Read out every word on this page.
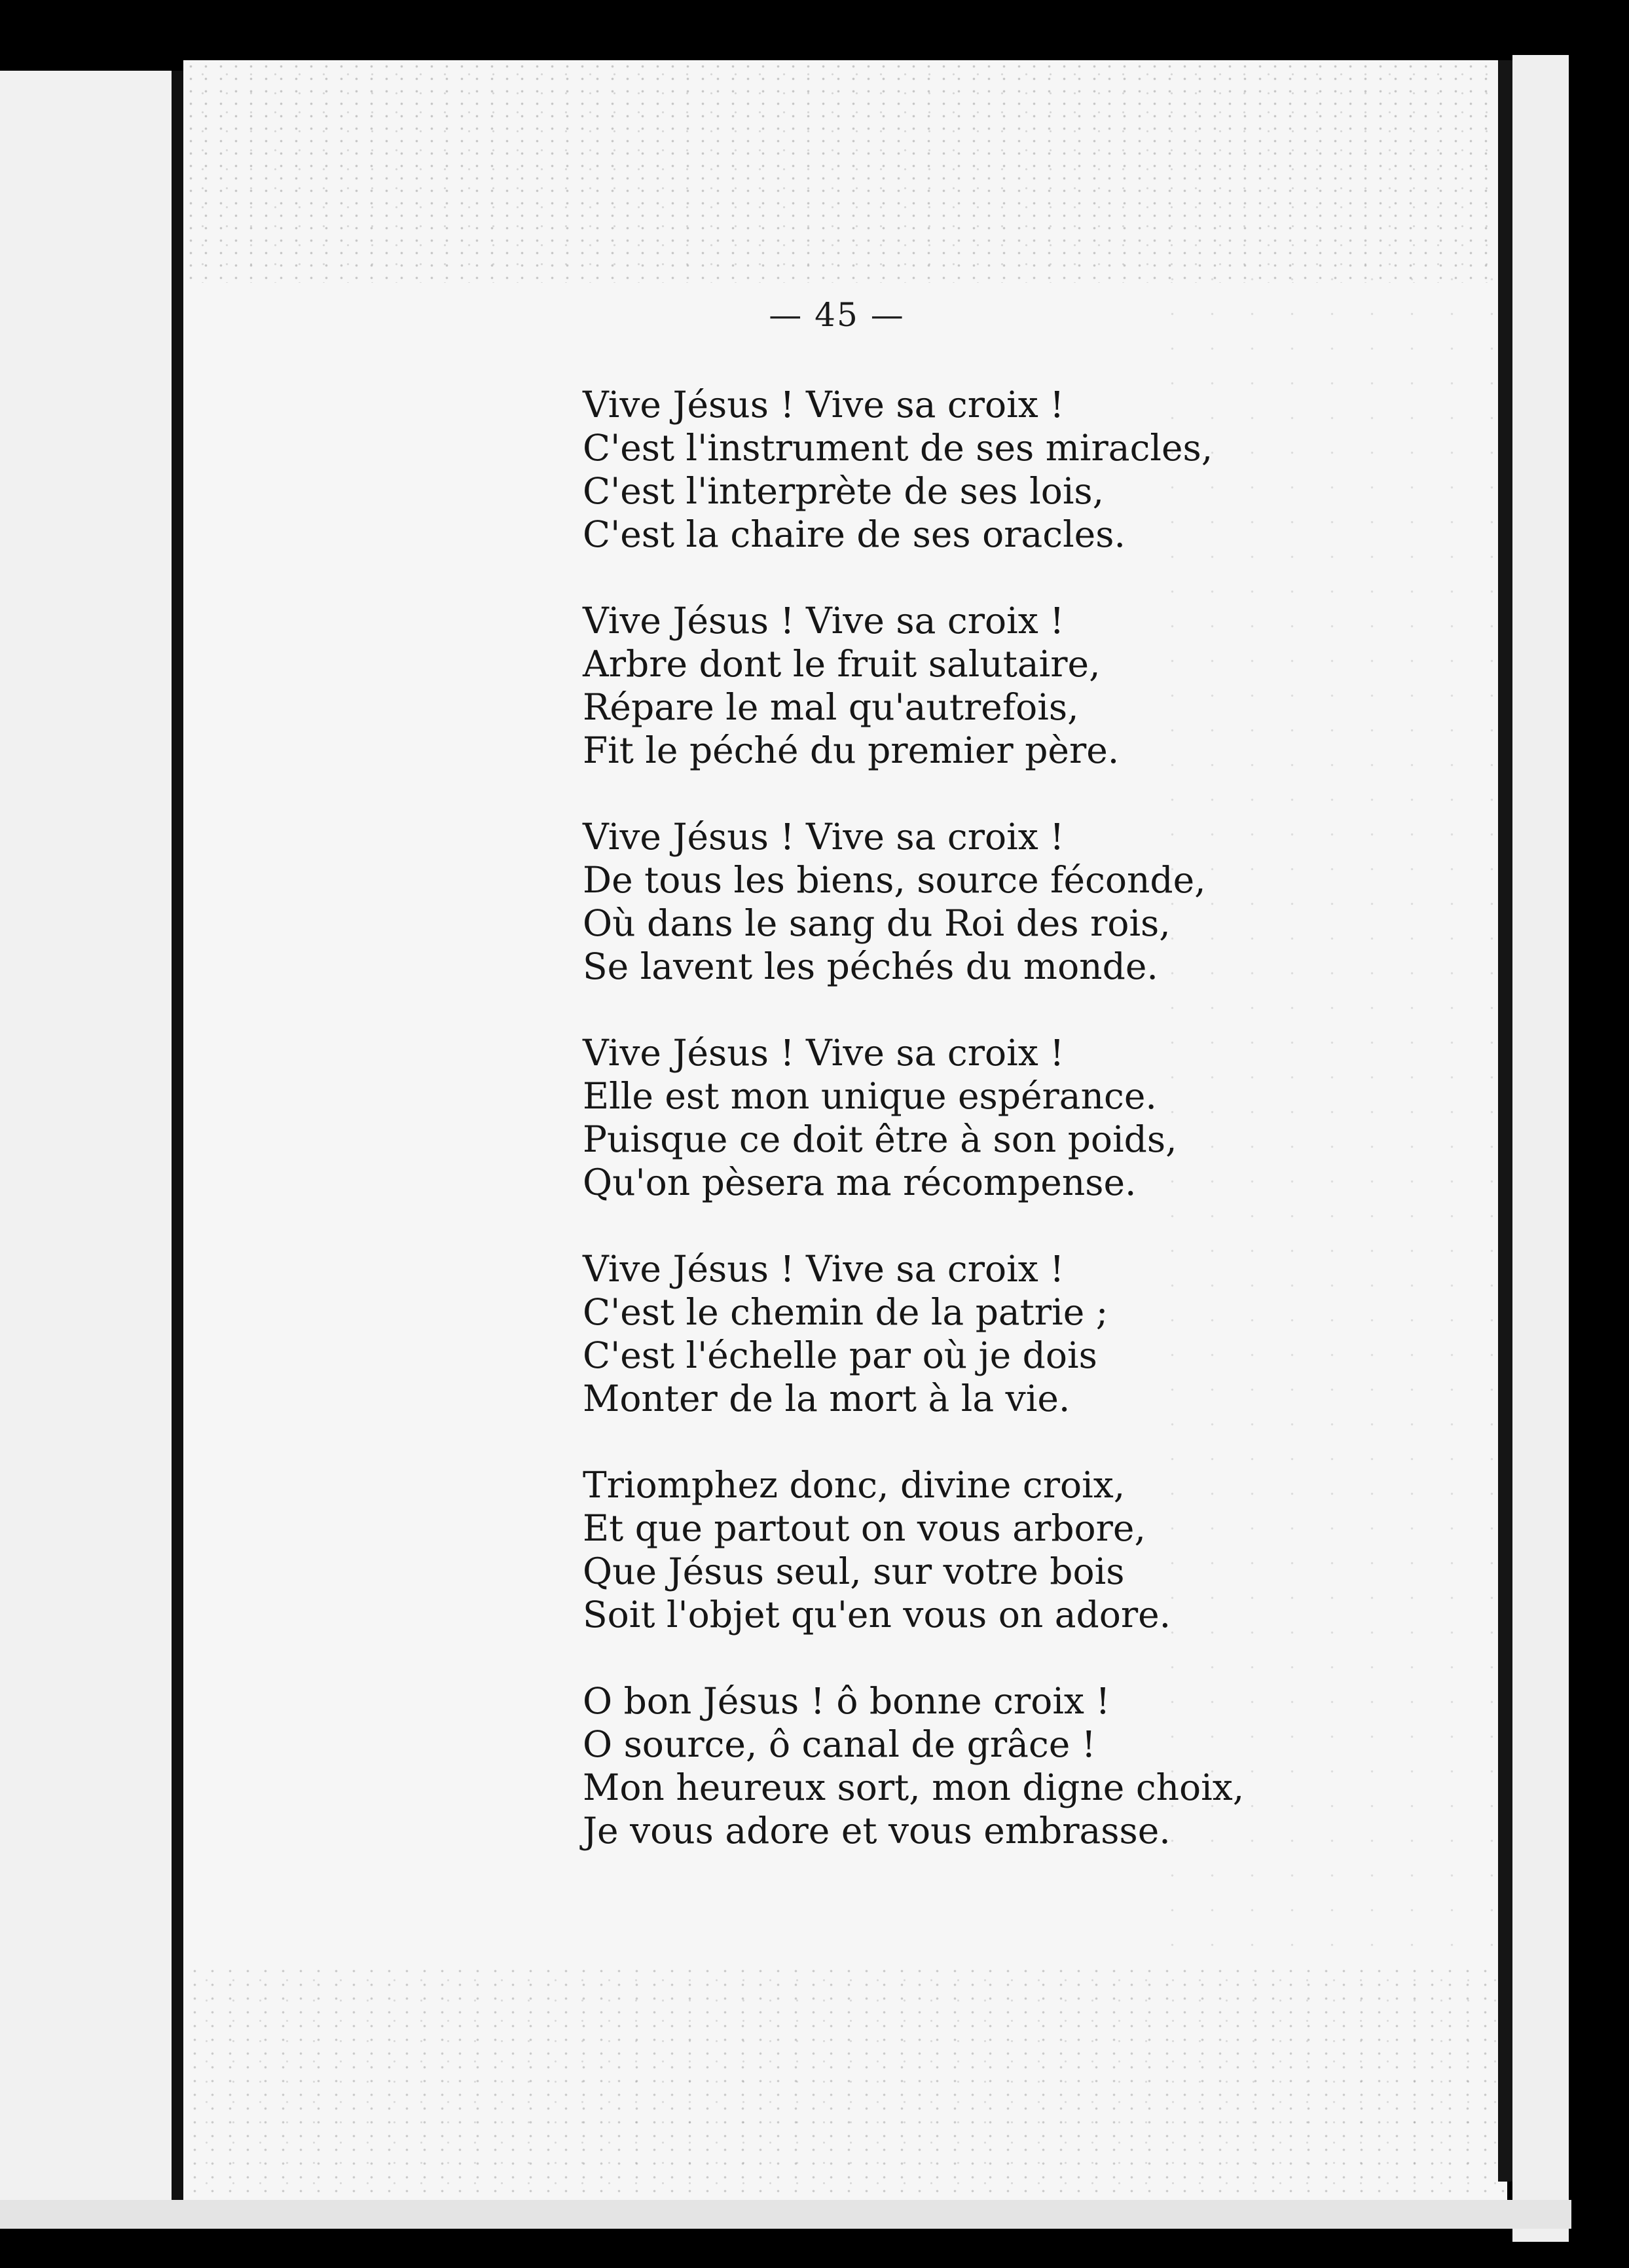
— 45 —
Vive Jésus ! Vive sa croix !
C'est l'instrument de ses miracles,
C'est l'interprète de ses lois,
C'est la chaire de ses oracles.
Vive Jésus ! Vive sa croix !
Arbre dont le fruit salutaire,
Répare le mal qu'autrefois,
Fit le péché du premier père.
Vive Jésus ! Vive sa croix !
De tous les biens, source féconde,
Où dans le sang du Roi des rois,
Se lavent les péchés du monde.
Vive Jésus ! Vive sa croix !
Elle est mon unique espérance.
Puisque ce doit être à son poids,
Qu'on pèsera ma récompense.
Vive Jésus ! Vive sa croix !
C'est le chemin de la patrie ;
C'est l'échelle par où je dois
Monter de la mort à la vie.
Triomphez donc, divine croix,
Et que partout on vous arbore,
Que Jésus seul, sur votre bois
Soit l'objet qu'en vous on adore.
O bon Jésus ! ô bonne croix !
O source, ô canal de grâce !
Mon heureux sort, mon digne choix,
Je vous adore et vous embrasse.
